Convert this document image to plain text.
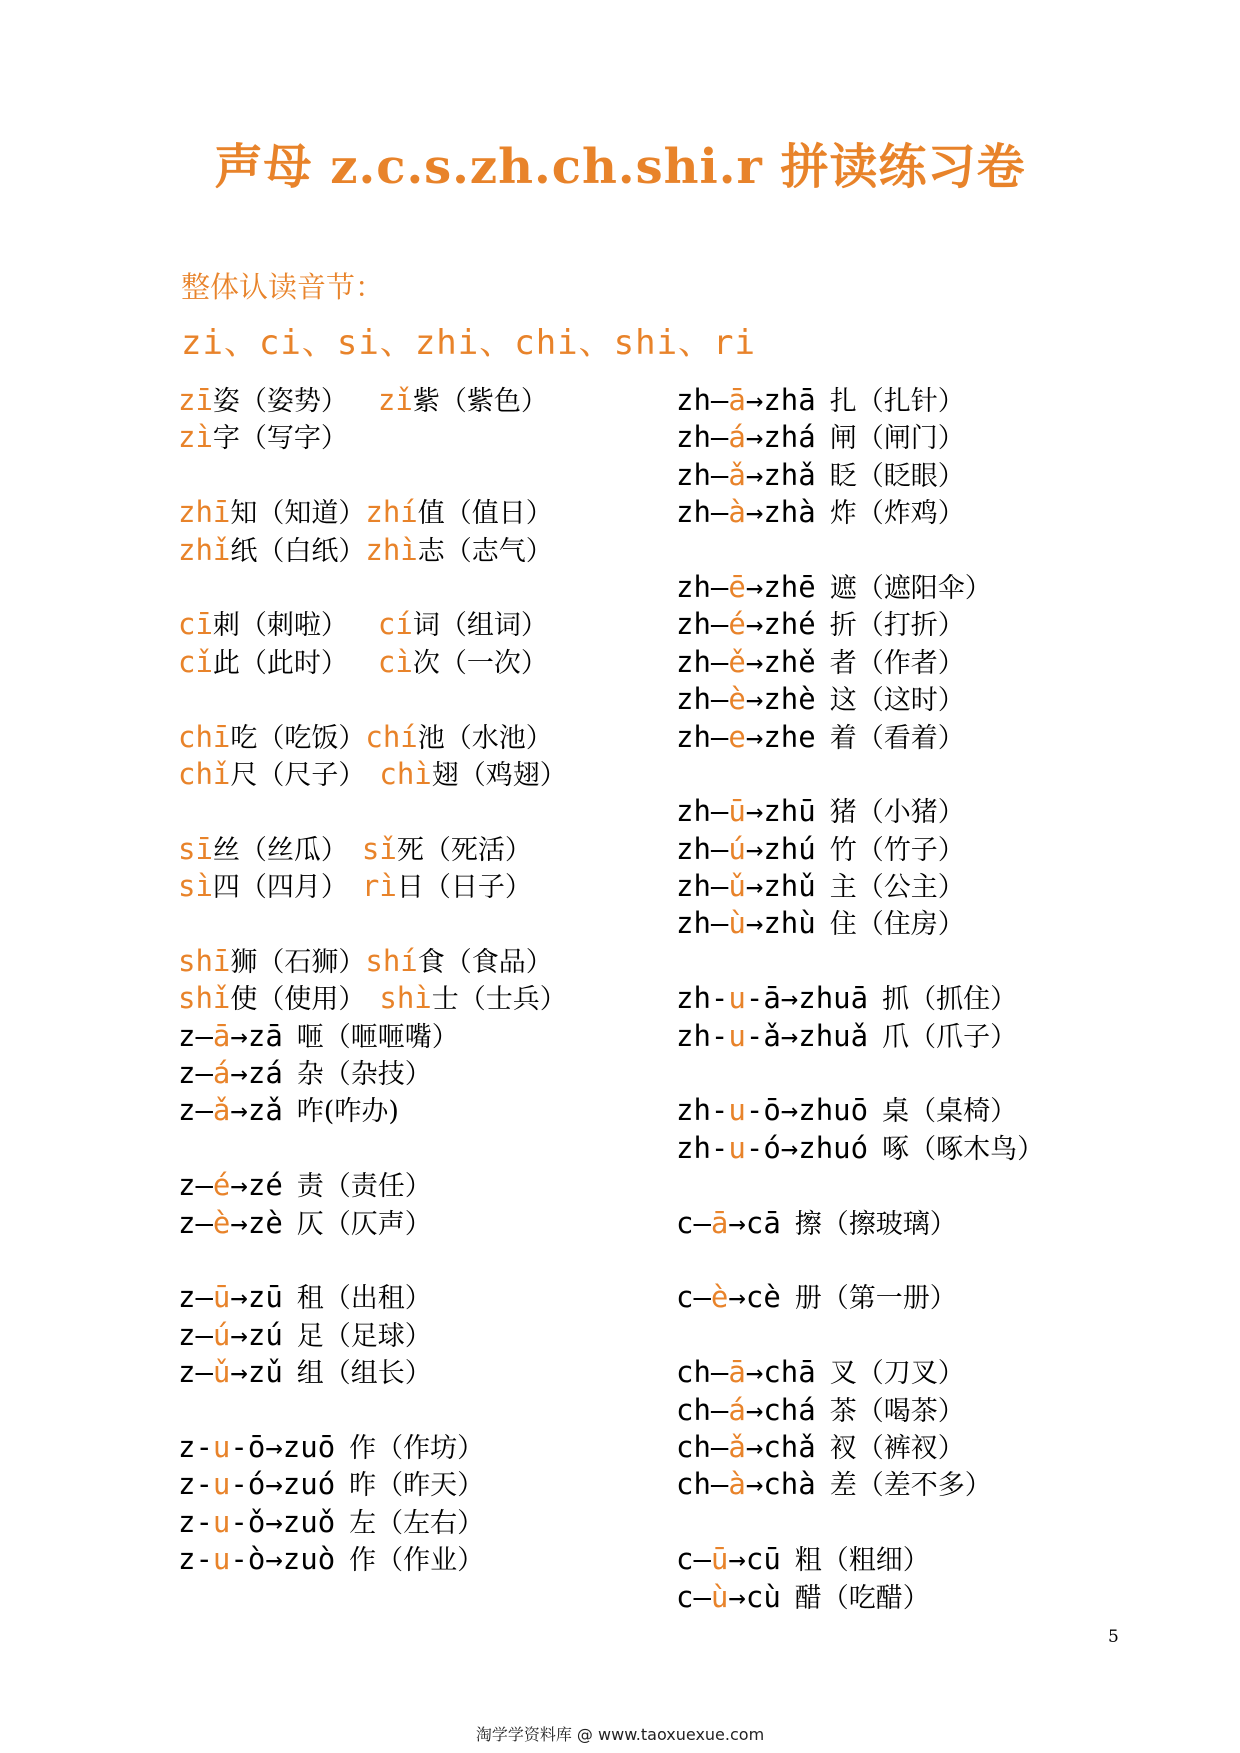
声母 z.c.s.zh.ch.shi.r 拼读练习卷
整体认读音节：
zi、ci、si、zhi、chi、shi、ri
zī姿（姿势） zǐ紫（紫色）
zì字（写字）
zhī知（知道）zhí值（值日）
zhǐ纸（白纸）zhì志（志气）
cī刺（刺啦） cí词（组词）
cǐ此（此时） cì次（一次）
chī吃（吃饭）chí池（水池）
chǐ尺（尺子） chì翅（鸡翅）
sī丝（丝瓜） sǐ死（死活）
sì四（四月） rì日（日子）
shī狮（石狮）shí食（食品）
shǐ使（使用） shì士（士兵）
z—ā→zā 咂（咂咂嘴）
z—á→zá 杂（杂技）
z—ǎ→zǎ 咋(咋办)
z—é→zé 责（责任）
z—è→zè 仄（仄声）
z—ū→zū 租（出租）
z—ú→zú 足（足球）
z—ǔ→zǔ 组（组长）
z-u-ō→zuō 作（作坊）
z-u-ó→zuó 昨（昨天）
z-u-ǒ→zuǒ 左（左右）
z-u-ò→zuò 作（作业）
zh—ā→zhā 扎（扎针）
zh—á→zhá 闸（闸门）
zh—ǎ→zhǎ 眨（眨眼）
zh—à→zhà 炸（炸鸡）
zh—ē→zhē 遮（遮阳伞）
zh—é→zhé 折（打折）
zh—ě→zhě 者（作者）
zh—è→zhè 这（这时）
zh—e→zhe 着（看着）
zh—ū→zhū 猪（小猪）
zh—ú→zhú 竹（竹子）
zh—ǔ→zhǔ 主（公主）
zh—ù→zhù 住（住房）
zh-u-ā→zhuā 抓（抓住）
zh-u-ǎ→zhuǎ 爪（爪子）
zh-u-ō→zhuō 桌（桌椅）
zh-u-ó→zhuó 啄（啄木鸟）
c—ā→cā 擦（擦玻璃）
c—è→cè 册（第一册）
ch—ā→chā 叉（刀叉）
ch—á→chá 茶（喝茶）
ch—ǎ→chǎ 衩（裤衩）
ch—à→chà 差（差不多）
c—ū→cū 粗（粗细）
c—ù→cù 醋（吃醋）
5
淘学学资料库 @ www.taoxuexue.com
